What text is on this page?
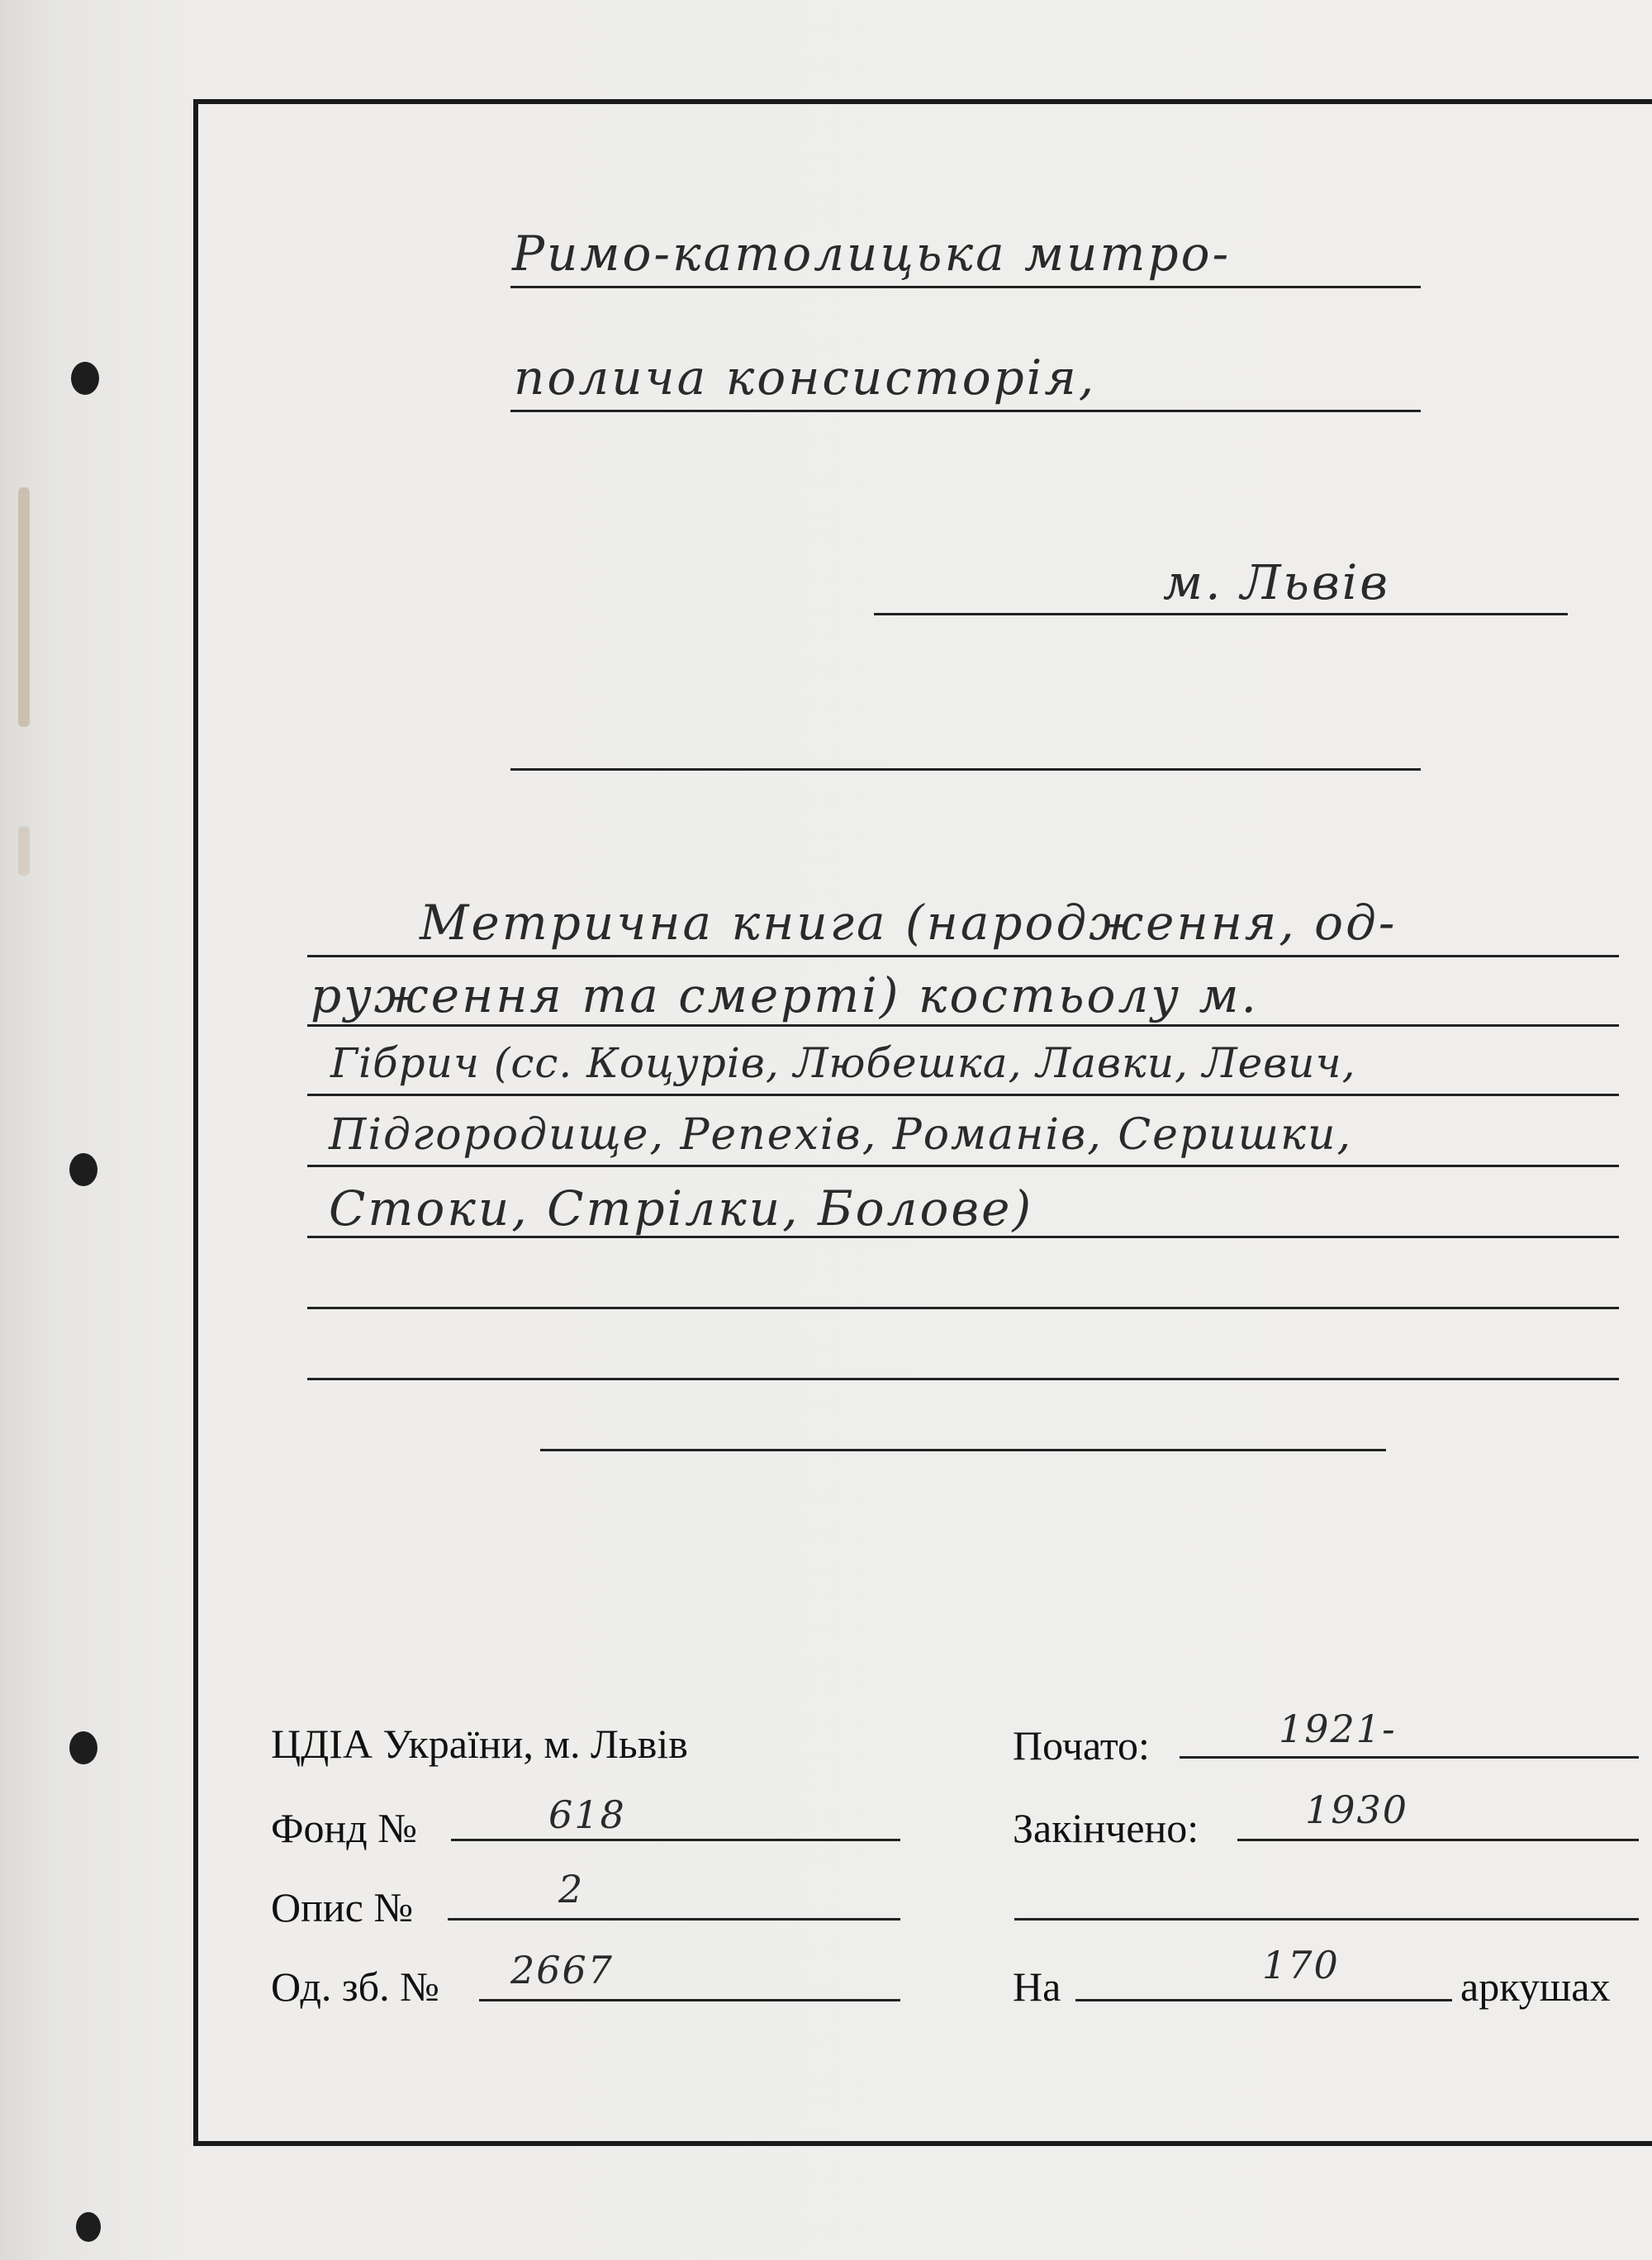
Римо-католицька митро-
полича консисторія,
м. Львів
Метрична книга (народження, од-
руження та смерті) костьолу м.
Гібрич (сс. Коцурів, Любешка, Лавки, Левич,
Підгородище, Репехів, Романів, Серишки,
Стоки, Стрілки, Болове)
ЦДІА України, м. Львів
Фонд №	618
Опис №	2
Од. зб. № 2667
Почато:	1921-
Закінчено:	1930
На	170	аркушах
